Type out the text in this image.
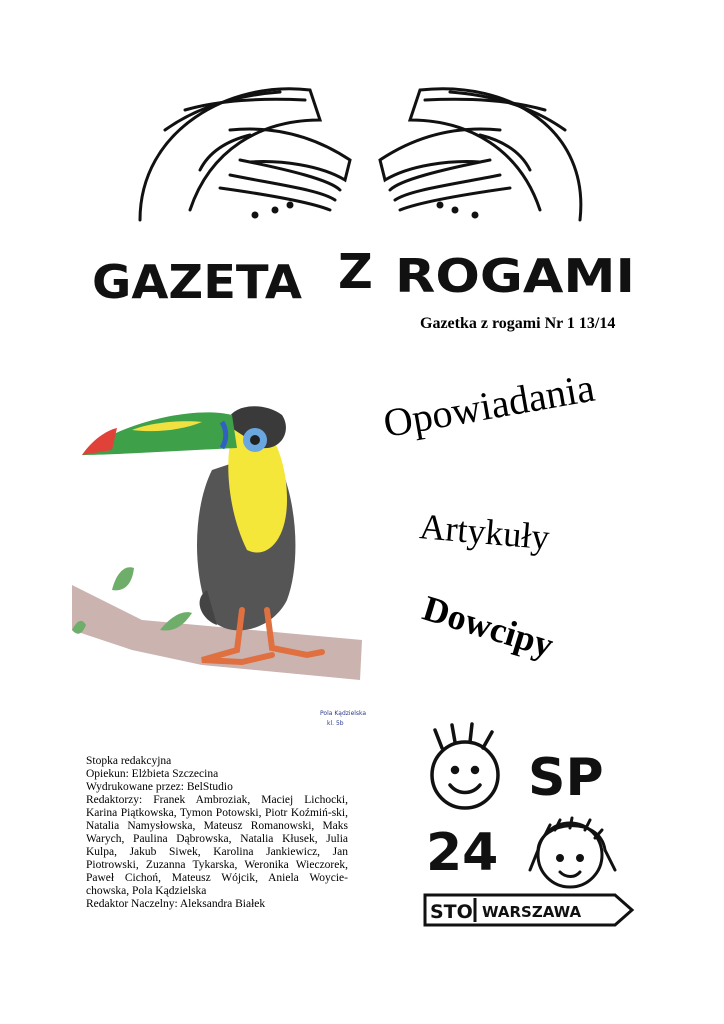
GAZETA Z ROGAMI
Gazetka z rogami Nr 1 13/14
Pola Kądzielska
kl. 5b
Opowiadania
Artykuły
Dowcipy

Stopka redakcyjna

Opiekun: Elżbieta Szczecina

Wydrukowane przez: BelStudio

Redaktorzy: Franek Ambroziak, Maciej Lichocki, Karina Piątkowska, Tymon Potowski, Piotr Koźmiń-ski, Natalia Namysłowska, Mateusz Romanowski, Maks Warych, Paulina Dąbrowska, Natalia Kłusek, Julia Kulpa, Jakub Siwek, Karolina Jankiewicz, Jan Piotrowski, Zuzanna Tykarska, Weronika Wieczorek, Paweł Cichoń, Mateusz Wójcik, Aniela Woycie-chowska, Pola Kądzielska

Redaktor Naczelny: Aleksandra Białek

SP
24
STO WARSZAWA
